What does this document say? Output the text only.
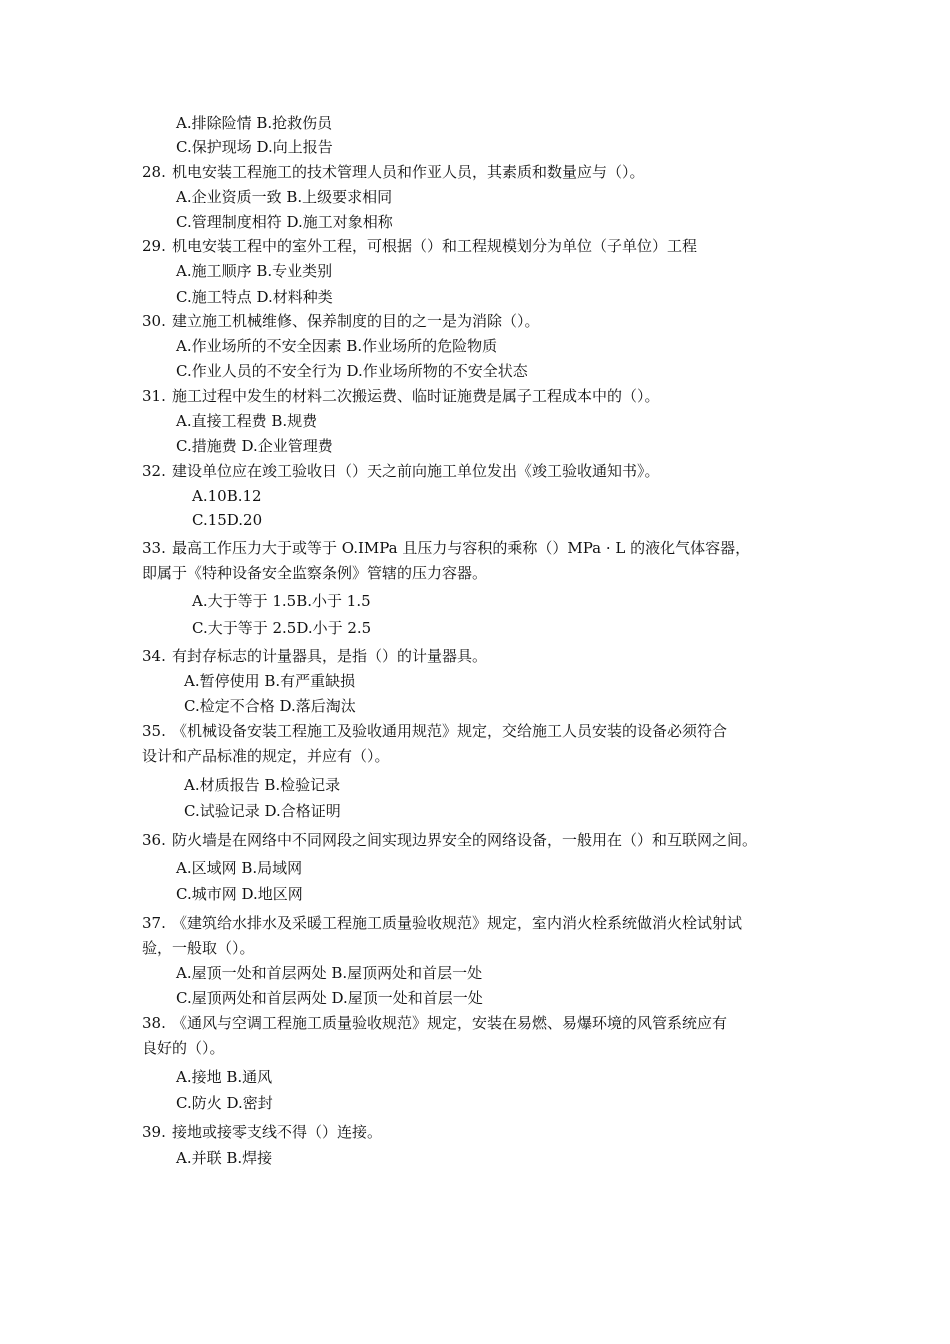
A.排除险情 B.抢救伤员
C.保护现场 D.向上报告
28. 机电安装工程施工的技术管理人员和作亚人员，其素质和数量应与（）。
A.企业资质一致 B.上级要求相同
C.管理制度相符 D.施工对象相称
29. 机电安装工程中的室外工程，可根据（）和工程规模划分为单位（子单位）工程
A.施工顺序 B.专业类别
C.施工特点 D.材料种类
30. 建立施工机械维修、保养制度的目的之一是为消除（）。
A.作业场所的不安全因素 B.作业场所的危险物质
C.作业人员的不安全行为 D.作业场所物的不安全状态
31. 施工过程中发生的材料二次搬运费、临时证施费是属子工程成本中的（）。
A.直接工程费 B.规费
C.措施费 D.企业管理费
32. 建设单位应在竣工验收日（）天之前向施工单位发出《竣工验收通知书》。
A.10B.12
C.15D.20
33. 最高工作压力大于或等于 O.IMPa 且压力与容积的乘称（）MPa · L 的液化气体容器，
即属于《特种设备安全监察条例》管辖的压力容器。
A.大于等于 1.5B.小于 1.5
C.大于等于 2.5D.小于 2.5
34. 有封存标志的计量器具，是指（）的计量器具。
A.暂停使用 B.有严重缺损
C.检定不合格 D.落后淘汰
35. 《机械设备安装工程施工及验收通用规范》规定，交给施工人员安装的设备必须符合
设计和产品标准的规定，并应有（）。
A.材质报告 B.检验记录
C.试验记录 D.合格证明
36. 防火墙是在网络中不同网段之间实现边界安全的网络设备，一般用在（）和互联网之间。
A.区域网 B.局域网
C.城市网 D.地区网
37. 《建筑给水排水及采暖工程施工质量验收规范》规定，室内消火栓系统做消火栓试射试
验，一般取（）。
A.屋顶一处和首层两处 B.屋顶两处和首层一处
C.屋顶两处和首层两处 D.屋顶一处和首层一处
38. 《通风与空调工程施工质量验收规范》规定，安装在易燃、易爆环境的风管系统应有
良好的（）。
A.接地 B.通风
C.防火 D.密封
39. 接地或接零支线不得（）连接。
A.并联 B.焊接
